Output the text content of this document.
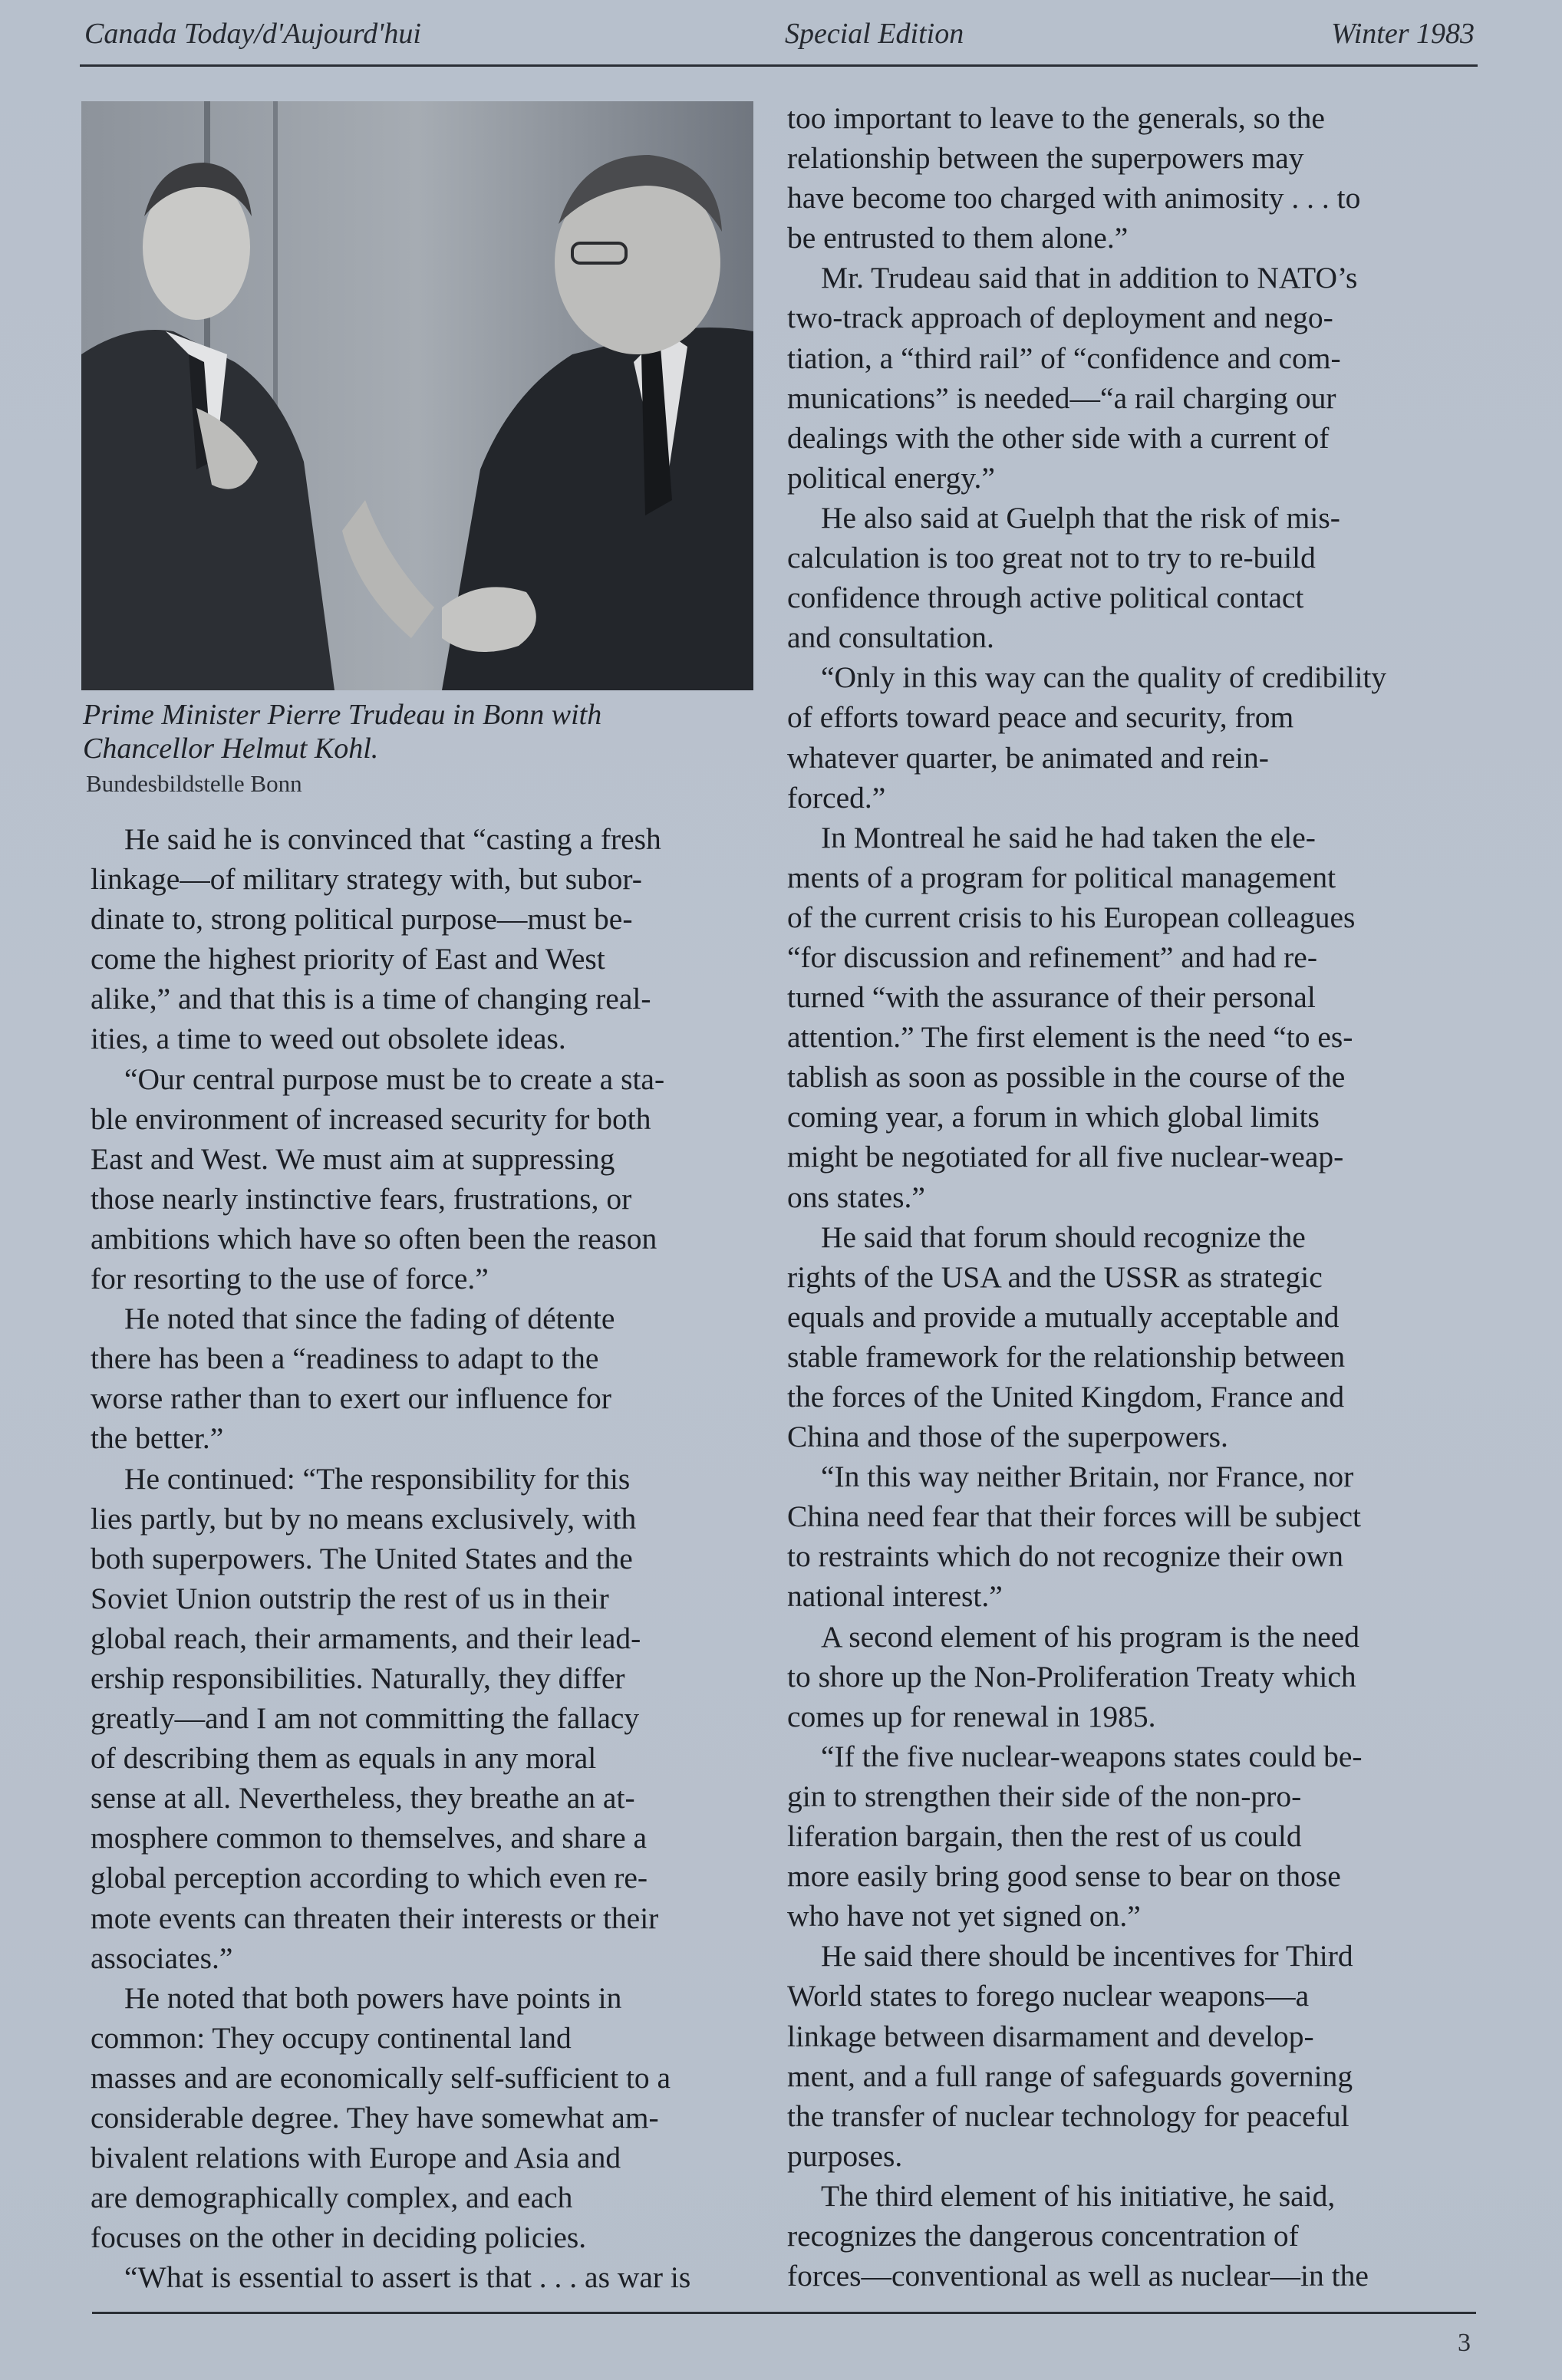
Canada Today/d'Aujourd'hui	Special Edition	Winter 1983
Prime Minister Pierre Trudeau in Bonn with
Chancellor Helmut Kohl.
Bundesbildstelle Bonn

He said he is convinced that “casting a fresh
linkage—of military strategy with, but subor-
dinate to, strong political purpose—must be-
come the highest priority of East and West
alike,” and that this is a time of changing real-
ities, a time to weed out obsolete ideas.

“Our central purpose must be to create a sta-
ble environment of increased security for both
East and West. We must aim at suppressing
those nearly instinctive fears, frustrations, or
ambitions which have so often been the reason
for resorting to the use of force.”

He noted that since the fading of détente
there has been a “readiness to adapt to the
worse rather than to exert our influence for
the better.”

He continued: “The responsibility for this
lies partly, but by no means exclusively, with
both superpowers. The United States and the
Soviet Union outstrip the rest of us in their
global reach, their armaments, and their lead-
ership responsibilities. Naturally, they differ
greatly—and I am not committing the fallacy
of describing them as equals in any moral
sense at all. Nevertheless, they breathe an at-
mosphere common to themselves, and share a
global perception according to which even re-
mote events can threaten their interests or their
associates.”

He noted that both powers have points in
common: They occupy continental land
masses and are economically self-sufficient to a
considerable degree. They have somewhat am-
bivalent relations with Europe and Asia and
are demographically complex, and each
focuses on the other in deciding policies.

“What is essential to assert is that . . . as war is

too important to leave to the generals, so the
relationship between the superpowers may
have become too charged with animosity . . . to
be entrusted to them alone.”

Mr. Trudeau said that in addition to NATO’s
two-track approach of deployment and nego-
tiation, a “third rail” of “confidence and com-
munications” is needed—“a rail charging our
dealings with the other side with a current of
political energy.”

He also said at Guelph that the risk of mis-
calculation is too great not to try to re-build
confidence through active political contact
and consultation.

“Only in this way can the quality of credibility
of efforts toward peace and security, from
whatever quarter, be animated and rein-
forced.”

In Montreal he said he had taken the ele-
ments of a program for political management
of the current crisis to his European colleagues
“for discussion and refinement” and had re-
turned “with the assurance of their personal
attention.” The first element is the need “to es-
tablish as soon as possible in the course of the
coming year, a forum in which global limits
might be negotiated for all five nuclear-weap-
ons states.”

He said that forum should recognize the
rights of the USA and the USSR as strategic
equals and provide a mutually acceptable and
stable framework for the relationship between
the forces of the United Kingdom, France and
China and those of the superpowers.

“In this way neither Britain, nor France, nor
China need fear that their forces will be subject
to restraints which do not recognize their own
national interest.”

A second element of his program is the need
to shore up the Non-Proliferation Treaty which
comes up for renewal in 1985.

“If the five nuclear-weapons states could be-
gin to strengthen their side of the non-pro-
liferation bargain, then the rest of us could
more easily bring good sense to bear on those
who have not yet signed on.”

He said there should be incentives for Third
World states to forego nuclear weapons—a
linkage between disarmament and develop-
ment, and a full range of safeguards governing
the transfer of nuclear technology for peaceful
purposes.

The third element of his initiative, he said,
recognizes the dangerous concentration of
forces—conventional as well as nuclear—in the

3
